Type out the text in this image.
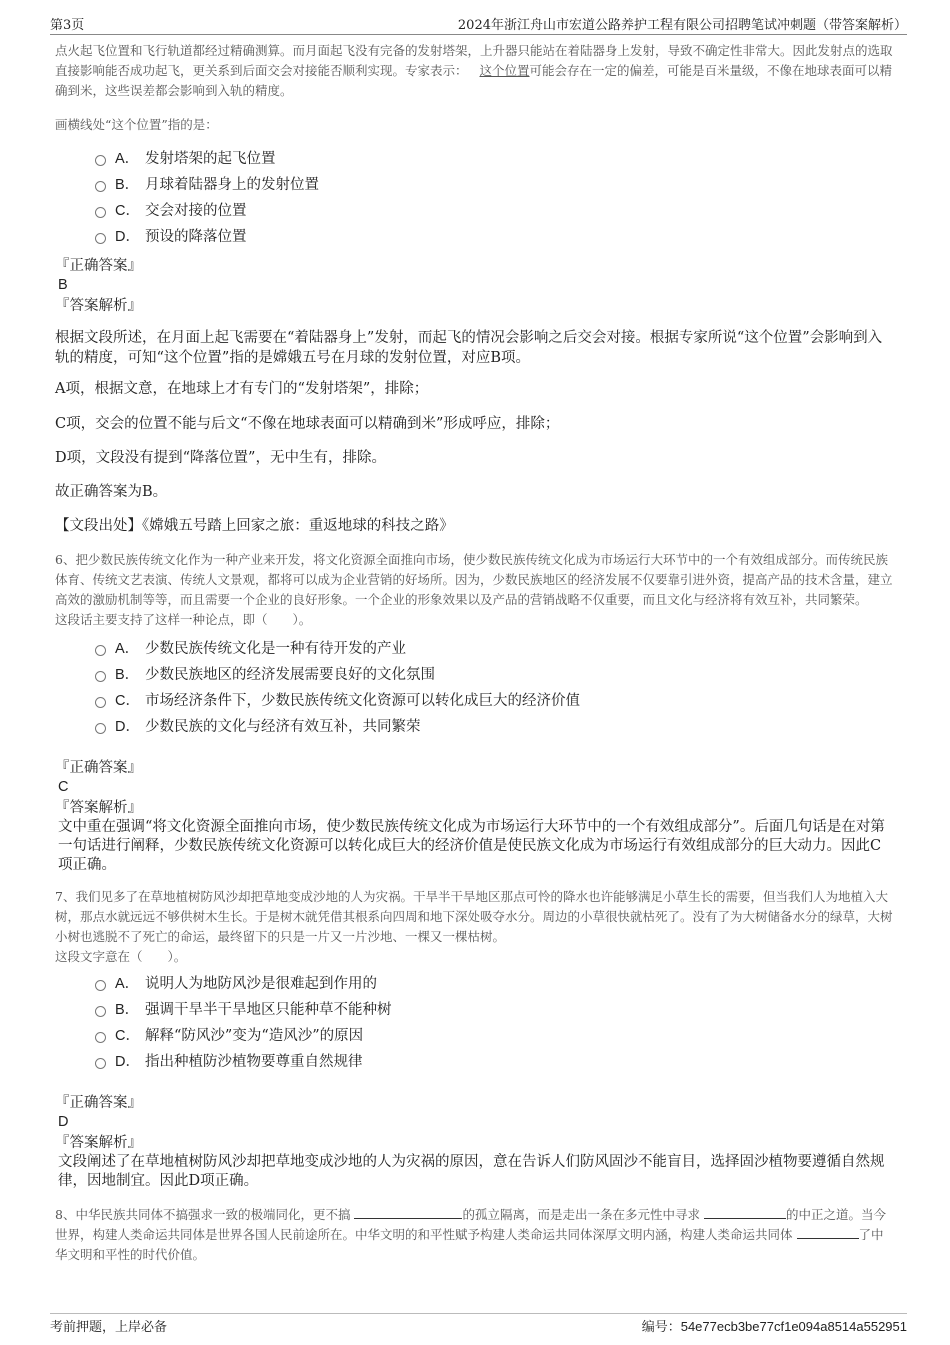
第3页	2024年浙江舟山市宏道公路养护工程有限公司招聘笔试冲刺题（带答案解析）

点火起飞位置和飞行轨道都经过精确测算。而月面起飞没有完备的发射塔架，上升器只能站在着陆器身上发射，导致不确定性非常大。因此发射点的选取直接影响能否成功起飞，更关系到后面交会对接能否顺利实现。专家表示： 这个位置可能会存在一定的偏差，可能是百米量级，不像在地球表面可以精确到米，这些误差都会影响到入轨的精度。

画横线处“这个位置”指的是：

A． 发射塔架的起飞位置
B． 月球着陆器身上的发射位置
C． 交会对接的位置
D． 预设的降落位置

『正确答案』

B

『答案解析』

根据文段所述，在月面上起飞需要在“着陆器身上”发射，而起飞的情况会影响之后交会对接。根据专家所说“这个位置”会影响到入轨的精度，可知“这个位置”指的是嫦娥五号在月球的发射位置，对应B项。

A项，根据文意，在地球上才有专门的“发射塔架”，排除；

C项，交会的位置不能与后文“不像在地球表面可以精确到米”形成呼应，排除；

D项，文段没有提到“降落位置”，无中生有，排除。

故正确答案为B。

【文段出处】《嫦娥五号踏上回家之旅：重返地球的科技之路》

6、把少数民族传统文化作为一种产业来开发，将文化资源全面推向市场，使少数民族传统文化成为市场运行大环节中的一个有效组成部分。而传统民族体育、传统文艺表演、传统人文景观，都将可以成为企业营销的好场所。因为，少数民族地区的经济发展不仅要靠引进外资，提高产品的技术含量，建立高效的激励机制等等，而且需要一个企业的良好形象。一个企业的形象效果以及产品的营销战略不仅重要，而且文化与经济将有效互补，共同繁荣。

这段话主要支持了这样一种论点，即（　　）。

A． 少数民族传统文化是一种有待开发的产业
B． 少数民族地区的经济发展需要良好的文化氛围
C． 市场经济条件下，少数民族传统文化资源可以转化成巨大的经济价值
D． 少数民族的文化与经济有效互补，共同繁荣

『正确答案』

C

『答案解析』

文中重在强调“将文化资源全面推向市场，使少数民族传统文化成为市场运行大环节中的一个有效组成部分”。后面几句话是在对第一句话进行阐释，少数民族传统文化资源可以转化成巨大的经济价值是使民族文化成为市场运行有效组成部分的巨大动力。因此C项正确。

7、我们见多了在草地植树防风沙却把草地变成沙地的人为灾祸。干旱半干旱地区那点可怜的降水也许能够满足小草生长的需要，但当我们人为地植入大树，那点水就远远不够供树木生长。于是树木就凭借其根系向四周和地下深处吸夺水分。周边的小草很快就枯死了。没有了为大树储备水分的绿草，大树小树也逃脱不了死亡的命运，最终留下的只是一片又一片沙地、一棵又一棵枯树。

这段文字意在（　　）。

A． 说明人为地防风沙是很难起到作用的
B． 强调干旱半干旱地区只能种草不能种树
C． 解释“防风沙”变为“造风沙”的原因
D． 指出种植防沙植物要尊重自然规律

『正确答案』

D

『答案解析』

文段阐述了在草地植树防风沙却把草地变成沙地的人为灾祸的原因，意在告诉人们防风固沙不能盲目，选择固沙植物要遵循自然规律，因地制宜。因此D项正确。

8、中华民族共同体不搞强求一致的极端同化，更不搞	的孤立隔离，而是走出一条在多元性中寻求	的中正之道。当今世界，构建人类命运共同体是世界各国人民前途所在。中华文明的和平性赋予构建人类命运共同体深厚文明内涵，构建人类命运共同体	了中华文明和平性的时代价值。

考前押题，上岸必备	编号：54e77ecb3be77cf1e094a8514a552951
